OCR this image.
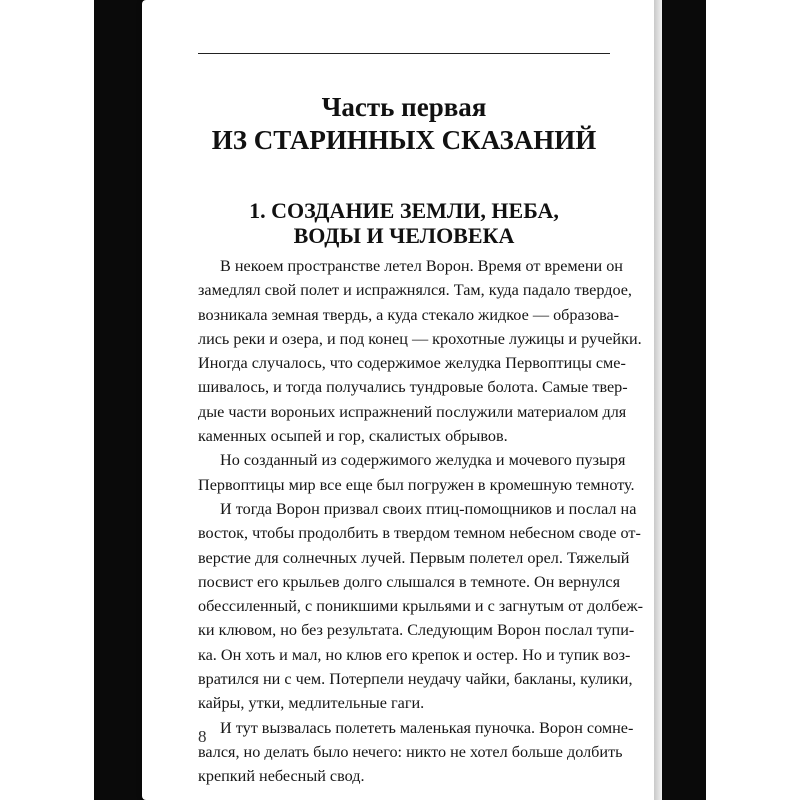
Часть первая
ИЗ СТАРИННЫХ СКАЗАНИЙ
1. СОЗДАНИЕ ЗЕМЛИ, НЕБА,
ВОДЫ И ЧЕЛОВЕКА

В некоем пространстве летел Ворон. Время от времени он
замедлял свой полет и испражнялся. Там, куда падало твердое,
возникала земная твердь, а куда стекало жидкое — образова-
лись реки и озера, и под конец — крохотные лужицы и ручейки.
Иногда случалось, что содержимое желудка Первоптицы сме-
шивалось, и тогда получались тундровые болота. Самые твер-
дые части вороньих испражнений послужили материалом для
каменных осыпей и гор, скалистых обрывов.

Но созданный из содержимого желудка и мочевого пузыря
Первоптицы мир все еще был погружен в кромешную темноту.

И тогда Ворон призвал своих птиц-помощников и послал на
восток, чтобы продолбить в твердом темном небесном своде от-
верстие для солнечных лучей. Первым полетел орел. Тяжелый
посвист его крыльев долго слышался в темноте. Он вернулся
обессиленный, с поникшими крыльями и с загнутым от долбеж-
ки клювом, но без результата. Следующим Ворон послал тупи-
ка. Он хоть и мал, но клюв его крепок и остер. Но и тупик воз-
вратился ни с чем. Потерпели неудачу чайки, бакланы, кулики,
кайры, утки, медлительные гаги.

И тут вызвалась полететь маленькая пуночка. Ворон сомне-
вался, но делать было нечего: никто не хотел больше долбить
крепкий небесный свод.

8
